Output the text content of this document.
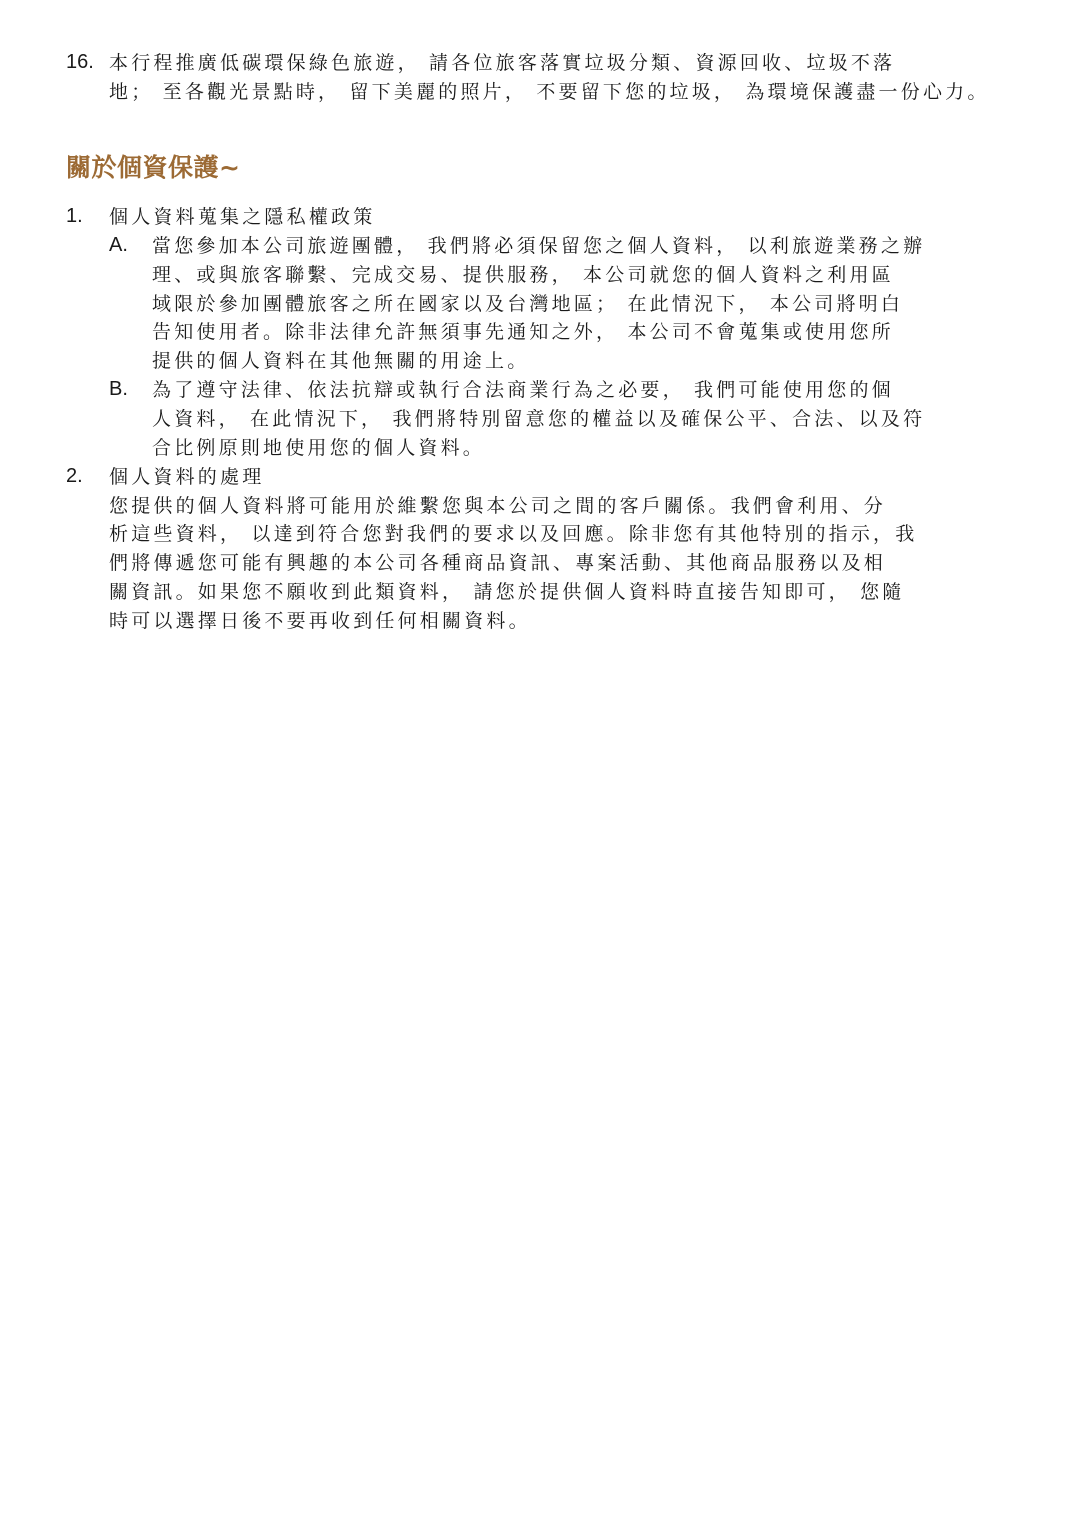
16. 本行程推廣低碳環保綠色旅遊， 請各位旅客落實垃圾分類、資源回收、垃圾不落
地； 至各觀光景點時， 留下美麗的照片， 不要留下您的垃圾， 為環境保護盡一份心力。
關於個資保護~
1. 個人資料蒐集之隱私權政策
A. 當您參加本公司旅遊團體， 我們將必須保留您之個人資料， 以利旅遊業務之辦
理、或與旅客聯繫、完成交易、提供服務， 本公司就您的個人資料之利用區
域限於參加團體旅客之所在國家以及台灣地區； 在此情況下， 本公司將明白
告知使用者。除非法律允許無須事先通知之外， 本公司不會蒐集或使用您所
提供的個人資料在其他無關的用途上。
B. 為了遵守法律、依法抗辯或執行合法商業行為之必要， 我們可能使用您的個
人資料， 在此情況下， 我們將特別留意您的權益以及確保公平、合法、以及符
合比例原則地使用您的個人資料。
2. 個人資料的處理
您提供的個人資料將可能用於維繫您與本公司之間的客戶關係。我們會利用、分
析這些資料， 以達到符合您對我們的要求以及回應。除非您有其他特別的指示，我
們將傳遞您可能有興趣的本公司各種商品資訊、專案活動、其他商品服務以及相
關資訊。如果您不願收到此類資料， 請您於提供個人資料時直接告知即可， 您隨
時可以選擇日後不要再收到任何相關資料。
